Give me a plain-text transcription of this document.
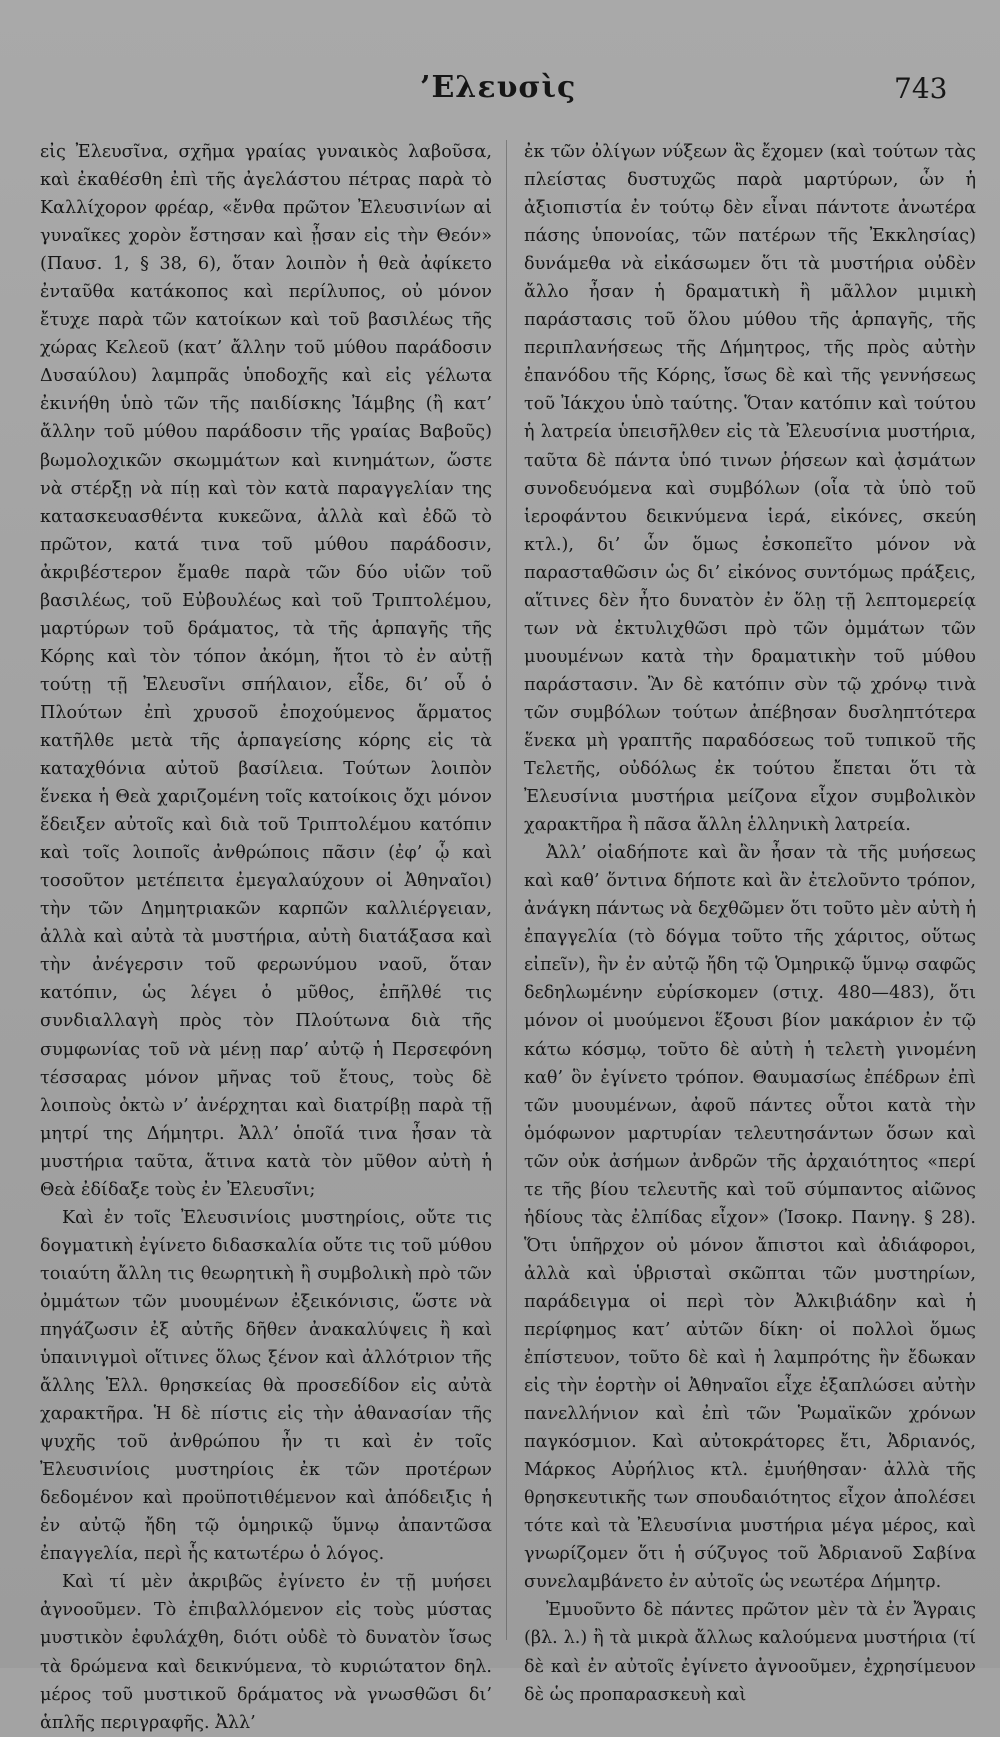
’Ελευσὶς	743

εἰς Ἐλευσῖνα, σχῆμα γραίας γυναικὸς λαβοῦσα, καὶ ἐκαθέσθη ἐπὶ τῆς ἀγελάστου πέτρας παρὰ τὸ Καλλίχορον φρέαρ, «ἔνθα πρῶτον Ἐλευσινίων αἱ γυναῖκες χορὸν ἔστησαν καὶ ᾖσαν εἰς τὴν Θεόν» (Παυσ. 1, § 38, 6), ὅταν λοιπὸν ἡ θεὰ ἀφίκετο ἐνταῦθα κατάκοπος καὶ περίλυπος, οὐ μόνον ἔτυχε παρὰ τῶν κατοίκων καὶ τοῦ βασιλέως τῆς χώρας Κελεοῦ (κατ’ ἄλλην τοῦ μύθου παράδοσιν Δυσαύλου) λαμπρᾶς ὑποδοχῆς καὶ εἰς γέλωτα ἐκινήθη ὑπὸ τῶν τῆς παιδίσκης Ἰάμβης (ἢ κατ’ ἄλλην τοῦ μύθου παράδοσιν τῆς γραίας Βαβοῦς) βωμολοχικῶν σκωμμάτων καὶ κινημάτων, ὥστε νὰ στέρξῃ νὰ πίῃ καὶ τὸν κατὰ παραγγελίαν της κατασκευασθέντα κυκεῶνα, ἀλλὰ καὶ ἐδῶ τὸ πρῶτον, κατά τινα τοῦ μύθου παράδοσιν, ἀκριβέστερον ἔμαθε παρὰ τῶν δύο υἱῶν τοῦ βασιλέως, τοῦ Εὐβουλέως καὶ τοῦ Τριπτολέμου, μαρτύρων τοῦ δράματος, τὰ τῆς ἁρπαγῆς τῆς Κόρης καὶ τὸν τόπον ἀκόμη, ἤτοι τὸ ἐν αὐτῇ τούτῃ τῇ Ἐλευσῖνι σπήλαιον, εἶδε, δι’ οὗ ὁ Πλούτων ἐπὶ χρυσοῦ ἐποχούμενος ἅρματος κατῆλθε μετὰ τῆς ἁρπαγείσης κόρης εἰς τὰ καταχθόνια αὐτοῦ βασίλεια. Τούτων λοιπὸν ἕνεκα ἡ Θεὰ χαριζομένη τοῖς κατοίκοις ὄχι μόνον ἔδειξεν αὐτοῖς καὶ διὰ τοῦ Τριπτολέμου κατόπιν καὶ τοῖς λοιποῖς ἀνθρώποις πᾶσιν (ἐφ’ ᾧ καὶ τοσοῦτον μετέπειτα ἐμεγαλαύχουν οἱ Ἀθηναῖοι) τὴν τῶν Δημητριακῶν καρπῶν καλλιέργειαν, ἀλλὰ καὶ αὐτὰ τὰ μυστήρια, αὐτὴ διατάξασα καὶ τὴν ἀνέγερσιν τοῦ φερωνύμου ναοῦ, ὅταν κατόπιν, ὡς λέγει ὁ μῦθος, ἐπῆλθέ τις συνδιαλλαγὴ πρὸς τὸν Πλούτωνα διὰ τῆς συμφωνίας τοῦ νὰ μένῃ παρ’ αὐτῷ ἡ Περσεφόνη τέσσαρας μόνον μῆνας τοῦ ἔτους, τοὺς δὲ λοιποὺς ὀκτὼ ν’ ἀνέρχηται καὶ διατρίβῃ παρὰ τῇ μητρί της Δήμητρι. Ἀλλ’ ὁποῖά τινα ἦσαν τὰ μυστήρια ταῦτα, ἅτινα κατὰ τὸν μῦθον αὐτὴ ἡ Θεὰ ἐδίδαξε τοὺς ἐν Ἐλευσῖνι;

Καὶ ἐν τοῖς Ἐλευσινίοις μυστηρίοις, οὔτε τις δογματικὴ ἐγίνετο διδασκαλία οὔτε τις τοῦ μύθου τοιαύτη ἄλλη τις θεωρητικὴ ἢ συμβολικὴ πρὸ τῶν ὀμμάτων τῶν μυουμένων ἐξεικόνισις, ὥστε νὰ πηγάζωσιν ἐξ αὐτῆς δῆθεν ἀνακαλύψεις ἢ καὶ ὑπαινιγμοὶ οἵτινες ὅλως ξένον καὶ ἀλλότριον τῆς ἄλλης Ἑλλ. θρησκείας θὰ προσεδίδον εἰς αὐτὰ χαρακτῆρα. Ἡ δὲ πίστις εἰς τὴν ἀθανασίαν τῆς ψυχῆς τοῦ ἀνθρώπου ἦν τι καὶ ἐν τοῖς Ἐλευσινίοις μυστηρίοις ἐκ τῶν προτέρων δεδομένον καὶ προϋποτιθέμενον καὶ ἀπόδειξις ἡ ἐν αὐτῷ ἤδη τῷ ὁμηρικῷ ὕμνῳ ἀπαντῶσα ἐπαγγελία, περὶ ἧς κατωτέρω ὁ λόγος.

Καὶ τί μὲν ἀκριβῶς ἐγίνετο ἐν τῇ μυήσει ἀγνοοῦμεν. Τὸ ἐπιβαλλόμενον εἰς τοὺς μύστας μυστικὸν ἐφυλάχθη, διότι οὐδὲ τὸ δυνατὸν ἴσως τὰ δρώμενα καὶ δεικνύμενα, τὸ κυριώτατον δηλ. μέρος τοῦ μυστικοῦ δράματος νὰ γνωσθῶσι δι’ ἁπλῆς περιγραφῆς. Ἀλλ’

ἐκ τῶν ὀλίγων νύξεων ἃς ἔχομεν (καὶ τούτων τὰς πλείστας δυστυχῶς παρὰ μαρτύρων, ὧν ἡ ἀξιοπιστία ἐν τούτῳ δὲν εἶναι πάντοτε ἀνωτέρα πάσης ὑπονοίας, τῶν πατέρων τῆς Ἐκκλησίας) δυνάμεθα νὰ εἰκάσωμεν ὅτι τὰ μυστήρια οὐδὲν ἄλλο ἦσαν ἡ δραματικὴ ἢ μᾶλλον μιμικὴ παράστασις τοῦ ὅλου μύθου τῆς ἁρπαγῆς, τῆς περιπλανήσεως τῆς Δήμητρος, τῆς πρὸς αὐτὴν ἐπανόδου τῆς Κόρης, ἴσως δὲ καὶ τῆς γεννήσεως τοῦ Ἰάκχου ὑπὸ ταύτης. Ὅταν κατόπιν καὶ τούτου ἡ λατρεία ὑπεισῆλθεν εἰς τὰ Ἐλευσίνια μυστήρια, ταῦτα δὲ πάντα ὑπό τινων ῥήσεων καὶ ᾀσμάτων συνοδευόμενα καὶ συμβόλων (οἷα τὰ ὑπὸ τοῦ ἱεροφάντου δεικνύμενα ἱερά, εἰκόνες, σκεύη κτλ.), δι’ ὧν ὅμως ἐσκοπεῖτο μόνον νὰ παρασταθῶσιν ὡς δι’ εἰκόνος συντόμως πράξεις, αἵτινες δὲν ἦτο δυνατὸν ἐν ὅλῃ τῇ λεπτομερείᾳ των νὰ ἐκτυλιχθῶσι πρὸ τῶν ὀμμάτων τῶν μυουμένων κατὰ τὴν δραματικὴν τοῦ μύθου παράστασιν. Ἂν δὲ κατόπιν σὺν τῷ χρόνῳ τινὰ τῶν συμβόλων τούτων ἀπέβησαν δυσληπτότερα ἕνεκα μὴ γραπτῆς παραδόσεως τοῦ τυπικοῦ τῆς Τελετῆς, οὐδόλως ἐκ τούτου ἔπεται ὅτι τὰ Ἐλευσίνια μυστήρια μείζονα εἶχον συμβολικὸν χαρακτῆρα ἢ πᾶσα ἄλλη ἑλληνικὴ λατρεία.

Ἀλλ’ οἱαδήποτε καὶ ἂν ἦσαν τὰ τῆς μυήσεως καὶ καθ’ ὅντινα δήποτε καὶ ἂν ἐτελοῦντο τρόπον, ἀνάγκη πάντως νὰ δεχθῶμεν ὅτι τοῦτο μὲν αὐτὴ ἡ ἐπαγγελία (τὸ δόγμα τοῦτο τῆς χάριτος, οὕτως εἰπεῖν), ἣν ἐν αὐτῷ ἤδη τῷ Ὁμηρικῷ ὕμνῳ σαφῶς δεδηλωμένην εὑρίσκομεν (στιχ. 480—483), ὅτι μόνον οἱ μυούμενοι ἕξουσι βίον μακάριον ἐν τῷ κάτω κόσμῳ, τοῦτο δὲ αὐτὴ ἡ τελετὴ γινομένη καθ’ ὃν ἐγίνετο τρόπον. Θαυμασίως ἐπέδρων ἐπὶ τῶν μυουμένων, ἀφοῦ πάντες οὗτοι κατὰ τὴν ὁμόφωνον μαρτυρίαν τελευτησάντων ὅσων καὶ τῶν οὐκ ἀσήμων ἀνδρῶν τῆς ἀρχαιότητος «περί τε τῆς βίου τελευτῆς καὶ τοῦ σύμπαντος αἰῶνος ἡδίους τὰς ἐλπίδας εἶχον» (Ἰσοκρ. Πανηγ. § 28). Ὅτι ὑπῆρχον οὐ μόνον ἄπιστοι καὶ ἀδιάφοροι, ἀλλὰ καὶ ὑβρισταὶ σκῶπται τῶν μυστηρίων, παράδειγμα οἱ περὶ τὸν Ἀλκιβιάδην καὶ ἡ περίφημος κατ’ αὐτῶν δίκη· οἱ πολλοὶ ὅμως ἐπίστευον, τοῦτο δὲ καὶ ἡ λαμπρότης ἣν ἔδωκαν εἰς τὴν ἑορτὴν οἱ Ἀθηναῖοι εἶχε ἐξαπλώσει αὐτὴν πανελλήνιον καὶ ἐπὶ τῶν Ῥωμαϊκῶν χρόνων παγκόσμιον. Καὶ αὐτοκράτορες ἔτι, Ἀδριανός, Μάρκος Αὐρήλιος κτλ. ἐμυήθησαν· ἀλλὰ τῆς θρησκευτικῆς των σπουδαιότητος εἶχον ἀπολέσει τότε καὶ τὰ Ἐλευσίνια μυστήρια μέγα μέρος, καὶ γνωρίζομεν ὅτι ἡ σύζυγος τοῦ Ἀδριανοῦ Σαβίνα συνελαμβάνετο ἐν αὐτοῖς ὡς νεωτέρα Δήμητρ.

Ἐμυοῦντο δὲ πάντες πρῶτον μὲν τὰ ἐν Ἄγραις (βλ. λ.) ἢ τὰ μικρὰ ἄλλως καλούμενα μυστήρια (τί δὲ καὶ ἐν αὐτοῖς ἐγίνετο ἀγνοοῦμεν, ἐχρησίμευον δὲ ὡς προπαρασκευὴ καὶ
